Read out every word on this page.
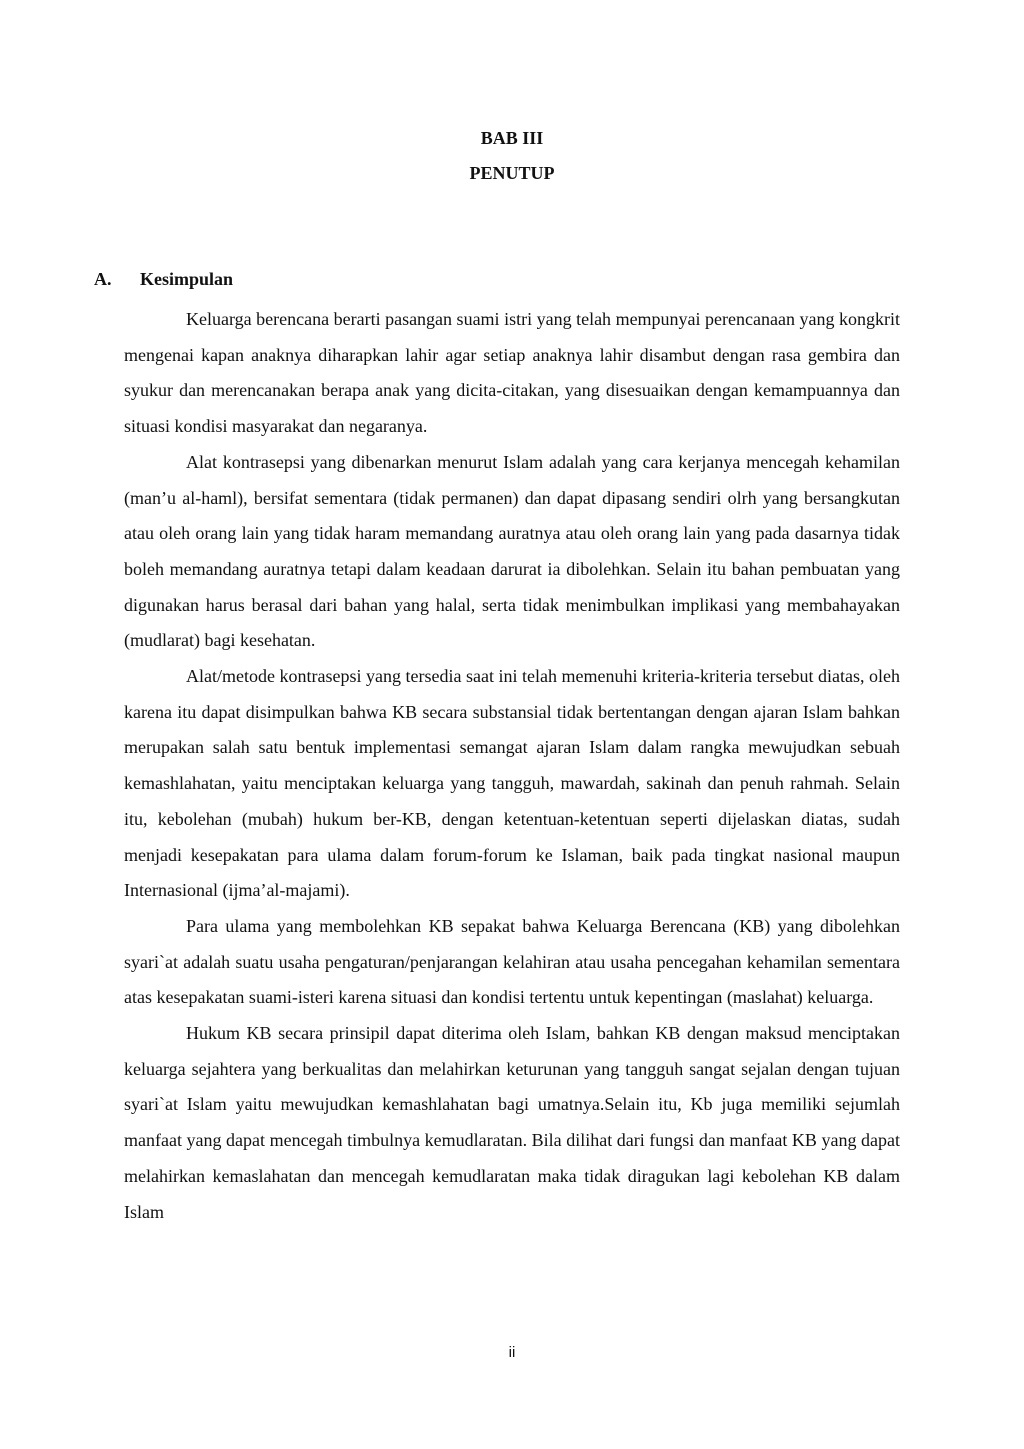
BAB III
PENUTUP
A. Kesimpulan

Keluarga berencana berarti pasangan suami istri yang telah mempunyai perencanaan yang kongkrit mengenai kapan anaknya diharapkan lahir agar setiap anaknya lahir disambut dengan rasa gembira dan syukur dan merencanakan berapa anak yang dicita-citakan, yang disesuaikan dengan kemampuannya dan situasi kondisi masyarakat dan negaranya.

Alat kontrasepsi yang dibenarkan menurut Islam adalah yang cara kerjanya mencegah kehamilan (man’u al-haml), bersifat sementara (tidak permanen) dan dapat dipasang sendiri olrh yang bersangkutan atau oleh orang lain yang tidak haram memandang auratnya atau oleh orang lain yang pada dasarnya tidak boleh memandang auratnya tetapi dalam keadaan darurat ia dibolehkan. Selain itu bahan pembuatan yang digunakan harus berasal dari bahan yang halal, serta tidak menimbulkan implikasi yang membahayakan (mudlarat) bagi kesehatan.

Alat/metode kontrasepsi yang tersedia saat ini telah memenuhi kriteria-kriteria tersebut diatas, oleh karena itu dapat disimpulkan bahwa KB secara substansial tidak bertentangan dengan ajaran Islam bahkan merupakan salah satu bentuk implementasi semangat ajaran Islam dalam rangka mewujudkan sebuah kemashlahatan, yaitu menciptakan keluarga yang tangguh, mawardah, sakinah dan penuh rahmah. Selain itu, kebolehan (mubah) hukum ber-KB, dengan ketentuan-ketentuan seperti dijelaskan diatas, sudah menjadi kesepakatan para ulama dalam forum-forum ke Islaman, baik pada tingkat nasional maupun Internasional (ijma’al-majami).

Para ulama yang membolehkan KB sepakat bahwa Keluarga Berencana (KB) yang dibolehkan syari`at adalah suatu usaha pengaturan/penjarangan kelahiran atau usaha pencegahan kehamilan sementara atas kesepakatan suami-isteri karena situasi dan kondisi tertentu untuk kepentingan (maslahat) keluarga.

Hukum KB secara prinsipil dapat diterima oleh Islam, bahkan KB dengan maksud menciptakan keluarga sejahtera yang berkualitas dan melahirkan keturunan yang tangguh sangat sejalan dengan tujuan syari`at Islam yaitu mewujudkan kemashlahatan bagi umatnya.Selain itu, Kb juga memiliki sejumlah manfaat yang dapat mencegah timbulnya kemudlaratan. Bila dilihat dari fungsi dan manfaat KB yang dapat melahirkan kemaslahatan dan mencegah kemudlaratan maka tidak diragukan lagi kebolehan KB dalam Islam

ii
